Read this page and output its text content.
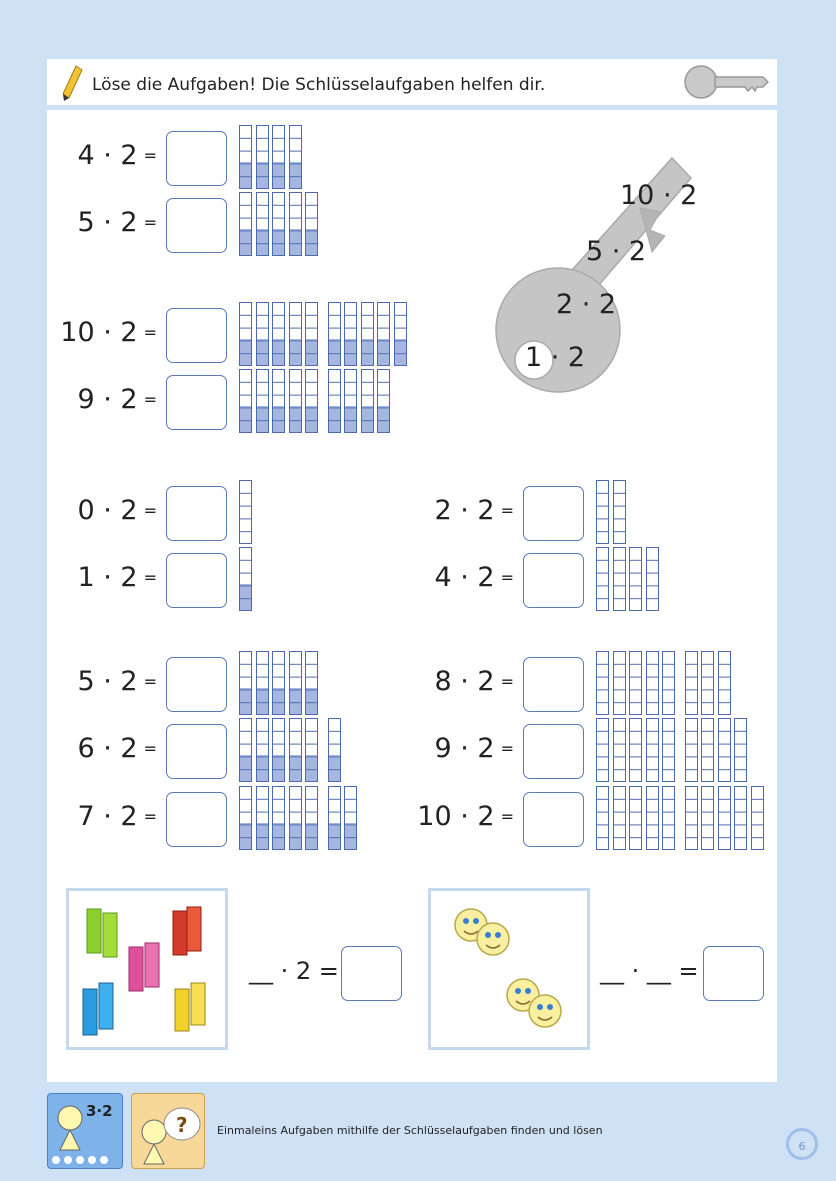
Löse die Aufgaben! Die Schlüsselaufgaben helfen dir.
10 · 2
5 · 2
2 · 2
1 · 2
4 · 2 =
5 · 2 =
10 · 2 =
9 · 2 =
0 · 2 =
1 · 2 =
2 · 2 =
4 · 2 =
5 · 2 =
6 · 2 =
7 · 2 =
8 · 2 =
9 · 2 =
10 · 2 =
__ · 2 =	__ · __ =
3·2
?	Einmaleins Aufgaben mithilfe der Schlüsselaufgaben finden und lösen
6
